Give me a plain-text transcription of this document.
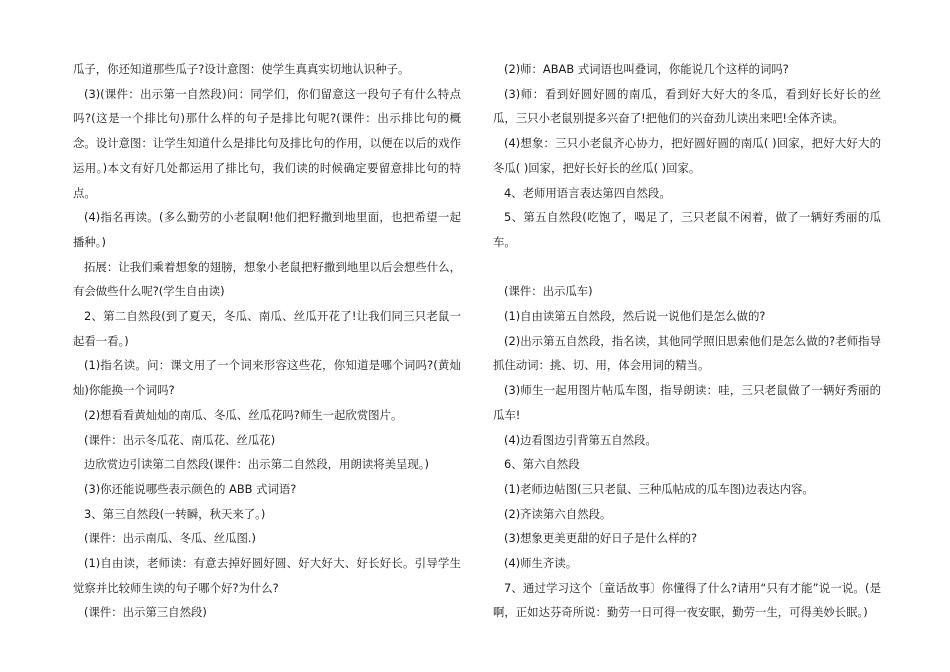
瓜子，你还知道那些瓜子?设计意图：使学生真真实切地认识种子。

(3)(课件：出示第一自然段)问：同学们，你们留意这一段句子有什么特点吗?(这是一个排比句)那什么样的句子是排比句呢?(课件：出示排比句的概念。设计意图：让学生知道什么是排比句及排比句的作用，以便在以后的戏作运用。)本文有好几处都运用了排比句，我们读的时候确定要留意排比句的特点。

(4)指名再读。(多么勤劳的小老鼠啊!他们把籽撒到地里面，也把希望一起播种。)

拓展：让我们乘着想象的翅膀，想象小老鼠把籽撒到地里以后会想些什么，有会做些什么呢?(学生自由读)

2、第二自然段(到了夏天，冬瓜、南瓜、丝瓜开花了!让我们同三只老鼠一起看一看。)

(1)指名读。问：课文用了一个词来形容这些花，你知道是哪个词吗?(黄灿灿)你能换一个词吗?

(2)想看看黄灿灿的南瓜、冬瓜、丝瓜花吗?师生一起欣赏图片。

(课件：出示冬瓜花、南瓜花、丝瓜花)

边欣赏边引读第二自然段(课件：出示第二自然段，用朗读将美呈现。)

(3)你还能说哪些表示颜色的 ABB 式词语?

3、第三自然段(一转瞬，秋天来了。)

(课件：出示南瓜、冬瓜、丝瓜图.)

(1)自由读，老师读：有意去掉好圆好圆、好大好大、好长好长。引导学生觉察并比较师生读的句子哪个好?为什么?

(课件：出示第三自然段)

(2)师：ABAB 式词语也叫叠词，你能说几个这样的词吗?

(3)师：看到好圆好圆的南瓜，看到好大好大的冬瓜，看到好长好长的丝瓜，三只小老鼠别提多兴奋了!把他们的兴奋劲儿读出来吧!全体齐读。

(4)想象：三只小老鼠齐心协力，把好圆好圆的南瓜( )回家，把好大好大的冬瓜( )回家，把好长好长的丝瓜( )回家。

4、老师用语言表达第四自然段。

5、第五自然段(吃饱了，喝足了，三只老鼠不闲着，做了一辆好秀丽的瓜车。

(课件：出示瓜车)

(1)自由读第五自然段，然后说一说他们是怎么做的?

(2)出示第五自然段，指名读，其他同学照旧思索他们是怎么做的?老师指导抓住动词：挑、切、用，体会用词的精当。

(3)师生一起用图片帖瓜车图，指导朗读：哇，三只老鼠做了一辆好秀丽的瓜车!

(4)边看图边引背第五自然段。

6、第六自然段

(1)老师边帖图(三只老鼠、三种瓜帖成的瓜车图)边表达内容。

(2)齐读第六自然段。

(3)想象更美更甜的好日子是什么样的?

(4)师生齐读。

7、通过学习这个〔童话故事〕你懂得了什么?请用“只有才能”说一说。(是啊，正如达芬奇所说：勤劳一日可得一夜安眠，勤劳一生，可得美妙长眠。)
